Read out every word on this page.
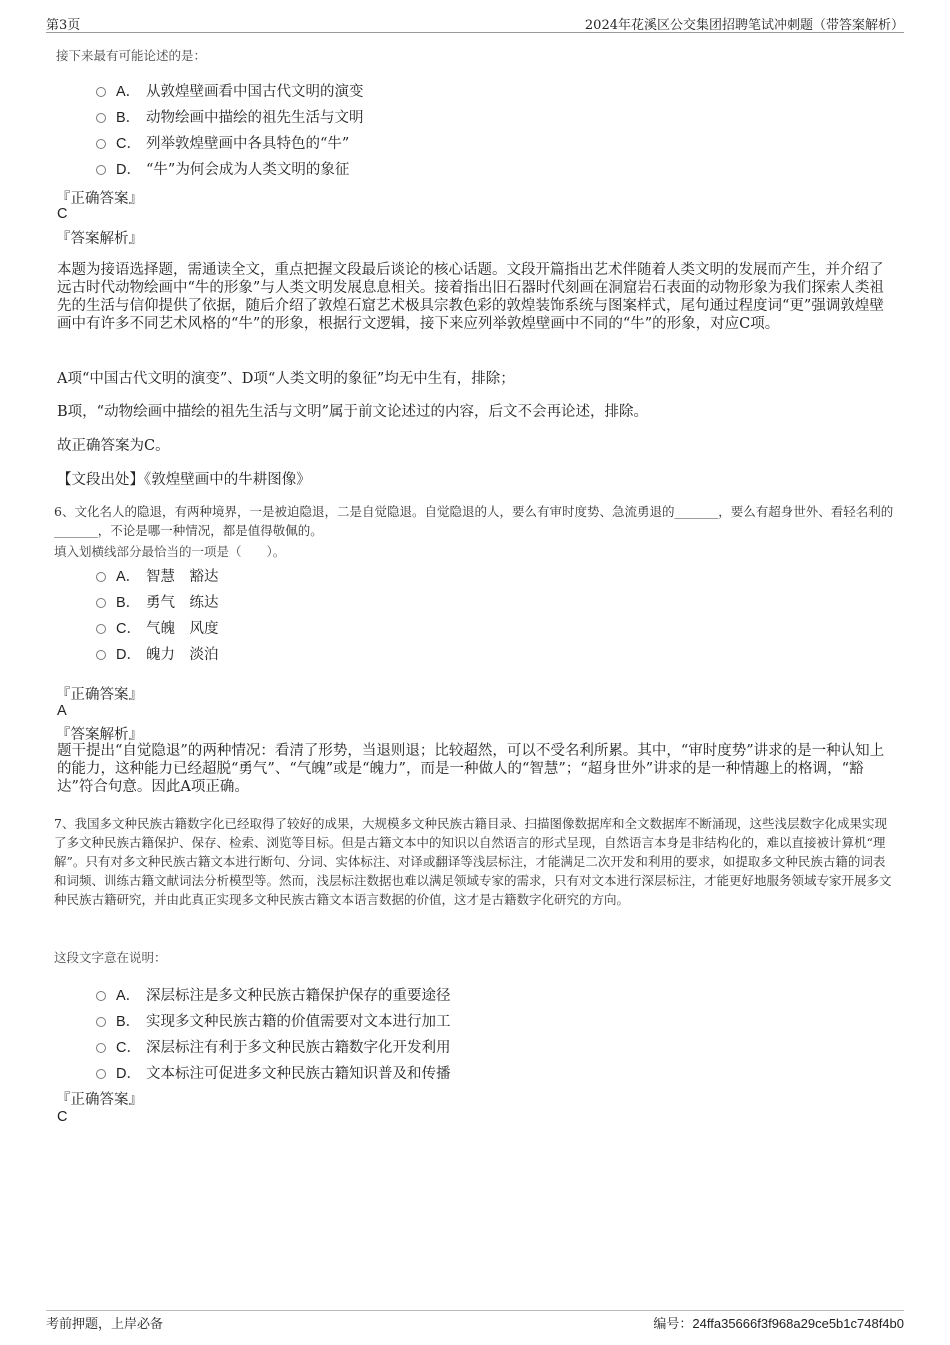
第3页	2024年花溪区公交集团招聘笔试冲刺题（带答案解析）
接下来最有可能论述的是：
A． 从敦煌壁画看中国古代文明的演变
B． 动物绘画中描绘的祖先生活与文明
C． 列举敦煌壁画中各具特色的“牛”
D． “牛”为何会成为人类文明的象征
『正确答案』
C
『答案解析』
本题为接语选择题，需通读全文，重点把握文段最后谈论的核心话题。文段开篇指出艺术伴随着人类文明的发展而产生，并介绍了远古时代动物绘画中“牛的形象”与人类文明发展息息相关。接着指出旧石器时代刻画在洞窟岩石表面的动物形象为我们探索人类祖先的生活与信仰提供了依据，随后介绍了敦煌石窟艺术极具宗教色彩的敦煌装饰系统与图案样式，尾句通过程度词“更”强调敦煌壁画中有许多不同艺术风格的“牛”的形象，根据行文逻辑，接下来应列举敦煌壁画中不同的“牛”的形象，对应C项。
A项“中国古代文明的演变”、D项“人类文明的象征”均无中生有，排除；
B项，“动物绘画中描绘的祖先生活与文明”属于前文论述过的内容，后文不会再论述，排除。
故正确答案为C。
【文段出处】《敦煌壁画中的牛耕图像》
6、文化名人的隐退，有两种境界，一是被迫隐退，二是自觉隐退。自觉隐退的人，要么有审时度势、急流勇退的_______，要么有超身世外、看轻名利的_______，不论是哪一种情况，都是值得敬佩的。
填入划横线部分最恰当的一项是（　　）。
A． 智慧　豁达
B． 勇气　练达
C． 气魄　风度
D． 魄力　淡泊
『正确答案』
A
『答案解析』
题干提出“自觉隐退”的两种情况：看清了形势，当退则退；比较超然，可以不受名利所累。其中，“审时度势”讲求的是一种认知上的能力，这种能力已经超脱“勇气”、“气魄”或是“魄力”，而是一种做人的“智慧”；“超身世外”讲求的是一种情趣上的格调，“豁达”符合句意。因此A项正确。
7、我国多文种民族古籍数字化已经取得了较好的成果，大规模多文种民族古籍目录、扫描图像数据库和全文数据库不断涌现，这些浅层数字化成果实现了多文种民族古籍保护、保存、检索、浏览等目标。但是古籍文本中的知识以自然语言的形式呈现，自然语言本身是非结构化的，难以直接被计算机“理解”。只有对多文种民族古籍文本进行断句、分词、实体标注、对译或翻译等浅层标注，才能满足二次开发和利用的要求，如提取多文种民族古籍的词表和词频、训练古籍文献词法分析模型等。然而，浅层标注数据也难以满足领域专家的需求，只有对文本进行深层标注，才能更好地服务领域专家开展多文种民族古籍研究，并由此真正实现多文种民族古籍文本语言数据的价值，这才是古籍数字化研究的方向。
这段文字意在说明：
A． 深层标注是多文种民族古籍保护保存的重要途径
B． 实现多文种民族古籍的价值需要对文本进行加工
C． 深层标注有利于多文种民族古籍数字化开发利用
D． 文本标注可促进多文种民族古籍知识普及和传播
『正确答案』
C
考前押题，上岸必备	编号：24ffa35666f3f968a29ce5b1c748f4b0
